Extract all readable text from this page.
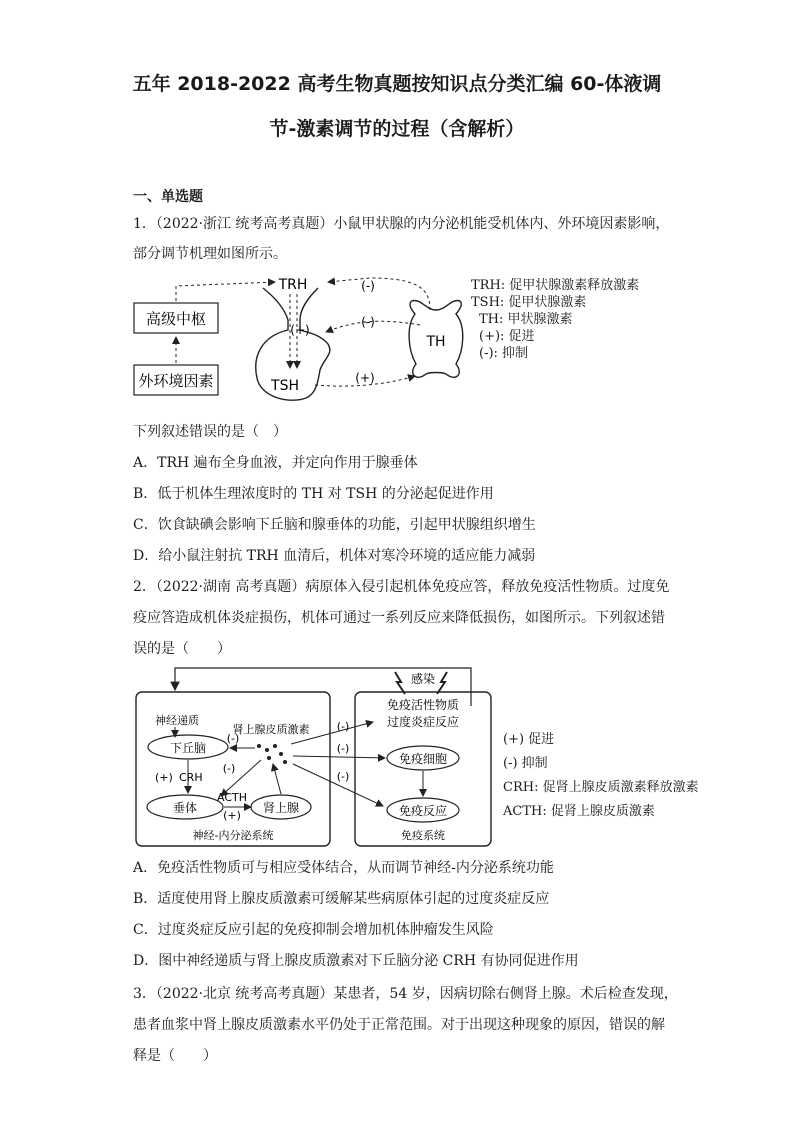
五年 2018-2022 高考生物真题按知识点分类汇编 60-体液调
节-激素调节的过程（含解析）
一、单选题
1．（2022·浙江 统考高考真题）小鼠甲状腺的内分泌机能受机体内、外环境因素影响，
部分调节机理如图所示。
高级中枢
外环境因素
TRH
(+)
TSH	(+)
(-)
(-)
TH
TRH: 促甲状腺激素释放激素
TSH: 促甲状腺激素
TH: 甲状腺激素
(+): 促进
(-): 抑制
下列叙述错误的是（　）
A．TRH 遍布全身血液，并定向作用于腺垂体
B．低于机体生理浓度时的 TH 对 TSH 的分泌起促进作用
C．饮食缺碘会影响下丘脑和腺垂体的功能，引起甲状腺组织增生
D．给小鼠注射抗 TRH 血清后，机体对寒冷环境的适应能力减弱
2．（2022·湖南 高考真题）病原体入侵引起机体免疫应答，释放免疫活性物质。过度免
疫应答造成机体炎症损伤，机体可通过一系列反应来降低损伤，如图所示。下列叙述错
误的是（　　）
感染
免疫活性物质
过度炎症反应
神经递质
下丘脑
(+) CRH
垂体
ACTH
(+)
肾上腺
肾上腺皮质激素
(-)
(-)
(-)
(-)
(-)
免疫细胞
免疫反应
神经-内分泌系统	免疫系统
(+) 促进
(-) 抑制
CRH: 促肾上腺皮质激素释放激素
ACTH: 促肾上腺皮质激素
A．免疫活性物质可与相应受体结合，从而调节神经-内分泌系统功能
B．适度使用肾上腺皮质激素可缓解某些病原体引起的过度炎症反应
C．过度炎症反应引起的免疫抑制会增加机体肿瘤发生风险
D．图中神经递质与肾上腺皮质激素对下丘脑分泌 CRH 有协同促进作用
3．（2022·北京 统考高考真题）某患者，54 岁，因病切除右侧肾上腺。术后检查发现，
患者血浆中肾上腺皮质激素水平仍处于正常范围。对于出现这种现象的原因，错误的解
释是（　　）
